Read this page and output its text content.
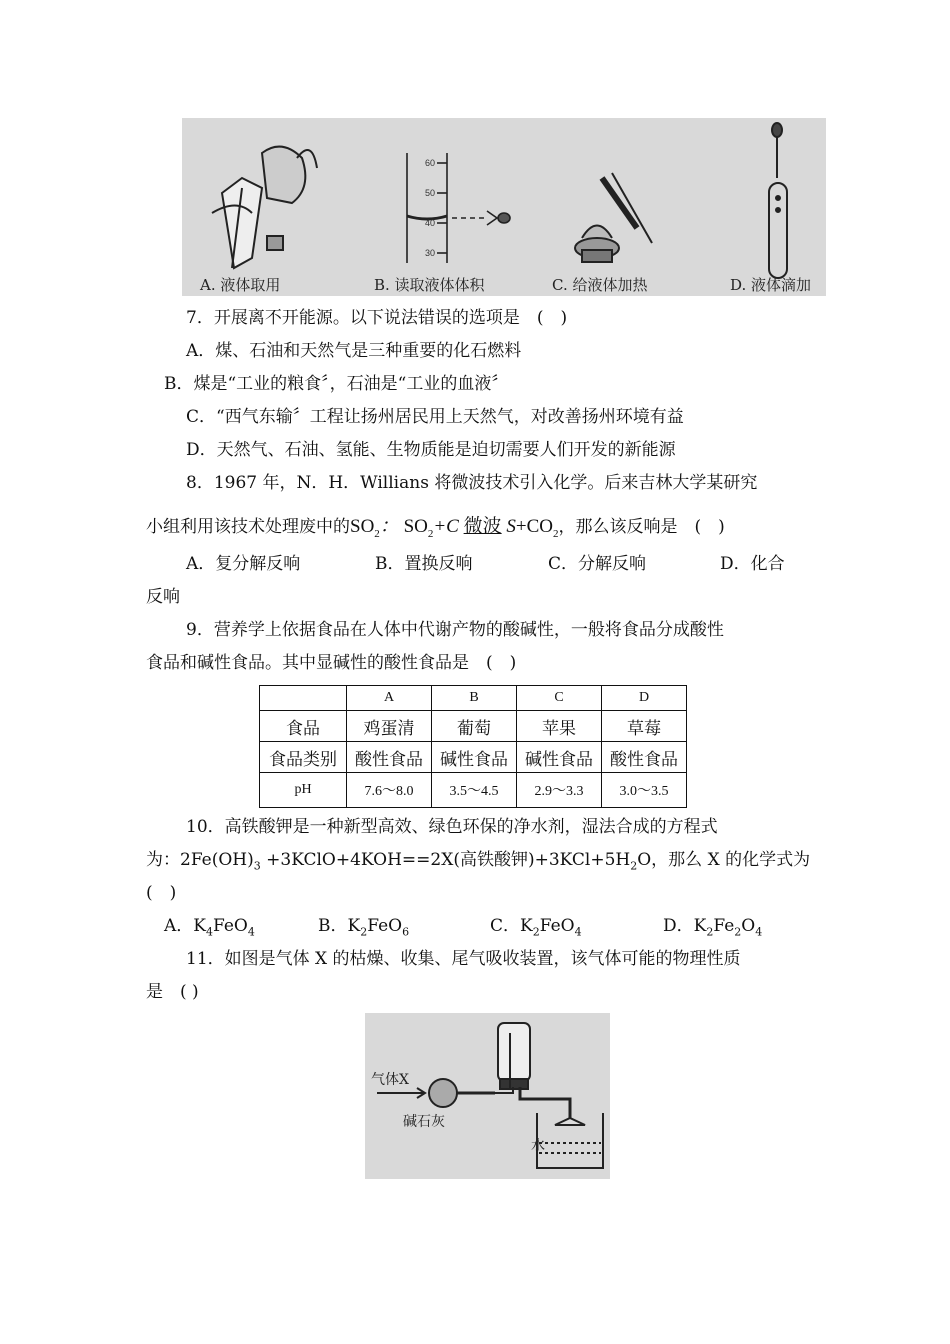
60
50
40
30
A. 液体取用	B. 读取液体体积	C. 给液体加热	D. 液体滴加
7．开展离不开能源。以下说法错误的选项是　(　)
A．煤、石油和天然气是三种重要的化石燃料
B．煤是“工业的粮食〞，石油是“工业的血液〞
C．“西气东输〞工程让扬州居民用上天然气，对改善扬州环境有益
D．天然气、石油、氢能、生物质能是迫切需要人们开发的新能源
8．1967 年，N．H．Willians 将微波技术引入化学。后来吉林大学某研究
小组利用该技术处理废中的$SO_2$： $SO_2+C$ 微波 $S+CO_2$，那么该反响是　(　)
A．复分解反响	B．置换反响	C．分解反响	D．化合
反响
9．营养学上依据食品在人体中代谢产物的酸碱性，一般将食品分成酸性
食品和碱性食品。其中显碱性的酸性食品是　(　)
	A	B	C	D
食品	鸡蛋清	葡萄	苹果	草莓
食品类别	酸性食品	碱性食品	碱性食品	酸性食品
pH	7.6～8.0	3.5～4.5	2.9～3.3	3.0～3.5
10．高铁酸钾是一种新型高效、绿色环保的净水剂，湿法合成的方程式
为：$2Fe(OH)_3$ +3KClO+4KOH==2X(高铁酸钾)$+3KCl+5H_2O$，那么 X 的化学式为
(　)
A．$K_4FeO_4$	B．$K_2FeO_6$	C．$K_2FeO_4$	D．$K_2Fe_2O_4$
11．如图是气体 X 的枯燥、收集、尾气吸收装置，该气体可能的物理性质
是　( )
气体X
碱石灰
水
